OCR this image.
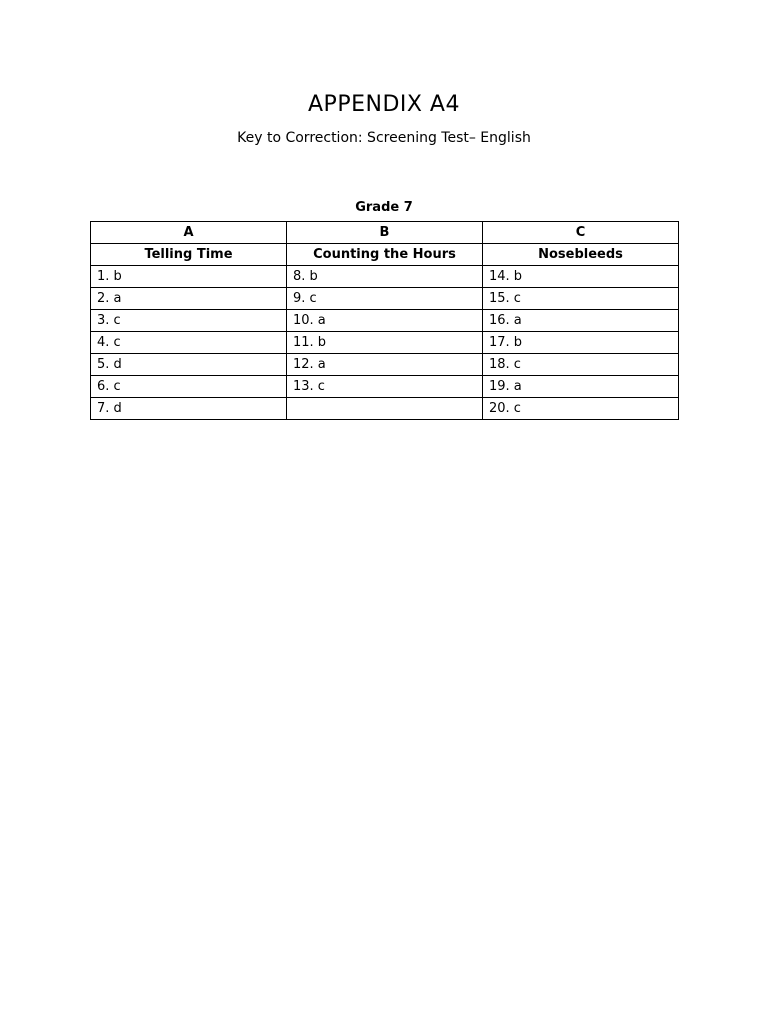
APPENDIX A4
Key to Correction: Screening Test– English
Grade 7
A	B	C
Telling Time	Counting the Hours	Nosebleeds
1. b	8. b	14. b
2. a	9. c	15. c
3. c	10. a	16. a
4. c	11. b	17. b
5. d	12. a	18. c
6. c	13. c	19. a
7. d		20. c
